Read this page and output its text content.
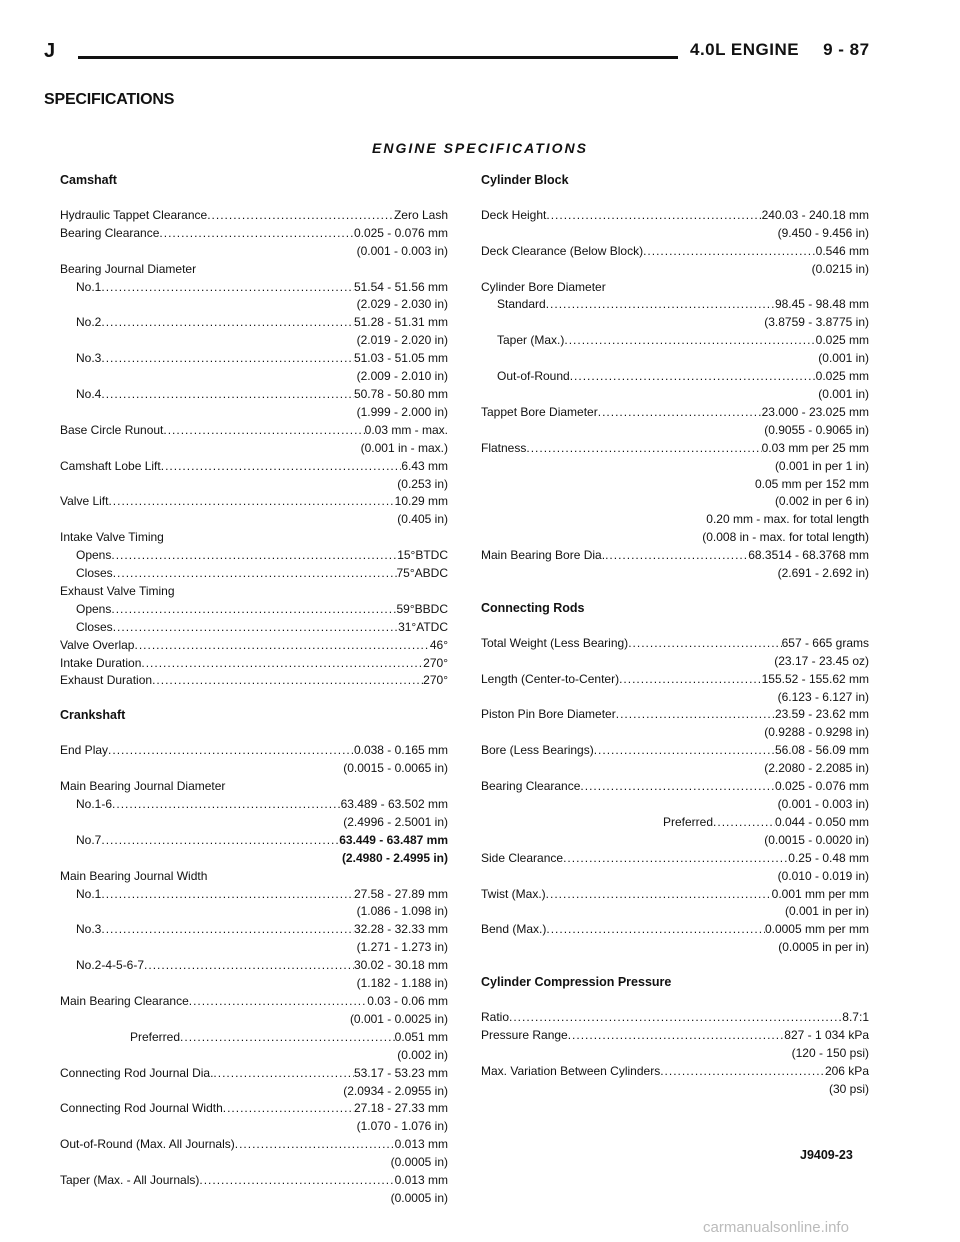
J	4.0L ENGINE 9 - 87
SPECIFICATIONS
ENGINE SPECIFICATIONS
Camshaft
Hydraulic Tappet Clearance .....	Zero Lash
Bearing Clearance .....	0.025 - 0.076 mm
(0.001 - 0.003 in)
Bearing Journal Diameter
No.1 .....	51.54 - 51.56 mm
(2.029 - 2.030 in)
No.2 .....	51.28 - 51.31 mm
(2.019 - 2.020 in)
No.3 .....	51.03 - 51.05 mm
(2.009 - 2.010 in)
No.4 .....	50.78 - 50.80 mm
(1.999 - 2.000 in)
Base Circle Runout .....	0.03 mm - max.
(0.001 in - max.)
Camshaft Lobe Lift .....	6.43 mm
(0.253 in)
Valve Lift .....	10.29 mm
(0.405 in)
Intake Valve Timing
Opens .....	15°BTDC
Closes .....	75°ABDC
Exhaust Valve Timing
Opens .....	59°BBDC
Closes .....	31°ATDC
Valve Overlap .....	46°
Intake Duration .....	270°
Exhaust Duration .....	270°
Crankshaft
End Play .....	0.038 - 0.165 mm
(0.0015 - 0.0065 in)
Main Bearing Journal Diameter
No.1-6 .....	63.489 - 63.502 mm
(2.4996 - 2.5001 in)
No.7 .....	63.449 - 63.487 mm
(2.4980 - 2.4995 in)
Main Bearing Journal Width
No.1 .....	27.58 - 27.89 mm
(1.086 - 1.098 in)
No.3 .....	32.28 - 32.33 mm
(1.271 - 1.273 in)
No.2-4-5-6-7 .....	30.02 - 30.18 mm
(1.182 - 1.188 in)
Main Bearing Clearance .....	0.03 - 0.06 mm
(0.001 - 0.0025 in)
Preferred .....	0.051 mm
(0.002 in)
Connecting Rod Journal Dia. .....	53.17 - 53.23 mm
(2.0934 - 2.0955 in)
Connecting Rod Journal Width .....	27.18 - 27.33 mm
(1.070 - 1.076 in)
Out-of-Round (Max. All Journals) .....	0.013 mm
(0.0005 in)
Taper (Max. - All Journals) .....	0.013 mm
(0.0005 in)
Cylinder Block
Deck Height .....	240.03 - 240.18 mm
(9.450 - 9.456 in)
Deck Clearance (Below Block) .....	0.546 mm
(0.0215 in)
Cylinder Bore Diameter
Standard .....	98.45 - 98.48 mm
(3.8759 - 3.8775 in)
Taper (Max.) .....	0.025 mm
(0.001 in)
Out-of-Round .....	0.025 mm
(0.001 in)
Tappet Bore Diameter .....	23.000 - 23.025 mm
(0.9055 - 0.9065 in)
Flatness .....	0.03 mm per 25 mm
(0.001 in per 1 in)
0.05 mm per 152 mm
(0.002 in per 6 in)
0.20 mm - max. for total length
(0.008 in - max. for total length)
Main Bearing Bore Dia. .....	68.3514 - 68.3768 mm
(2.691 - 2.692 in)
Connecting Rods
Total Weight (Less Bearing) .....	657 - 665 grams
(23.17 - 23.45 oz)
Length (Center-to-Center) .....	155.52 - 155.62 mm
(6.123 - 6.127 in)
Piston Pin Bore Diameter .....	23.59 - 23.62 mm
(0.9288 - 0.9298 in)
Bore (Less Bearings) .....	56.08 - 56.09 mm
(2.2080 - 2.2085 in)
Bearing Clearance .....	0.025 - 0.076 mm
(0.001 - 0.003 in)
Preferred .....	0.044 - 0.050 mm
(0.0015 - 0.0020 in)
Side Clearance .....	0.25 - 0.48 mm
(0.010 - 0.019 in)
Twist (Max.) .....	0.001 mm per mm
(0.001 in per in)
Bend (Max.) .....	0.0005 mm per mm
(0.0005 in per in)
Cylinder Compression Pressure
Ratio .....	8.7:1
Pressure Range .....	827 - 1 034 kPa
(120 - 150 psi)
Max. Variation Between Cylinders .....	206 kPa
(30 psi)
J9409-23
carmanualsonline.info
